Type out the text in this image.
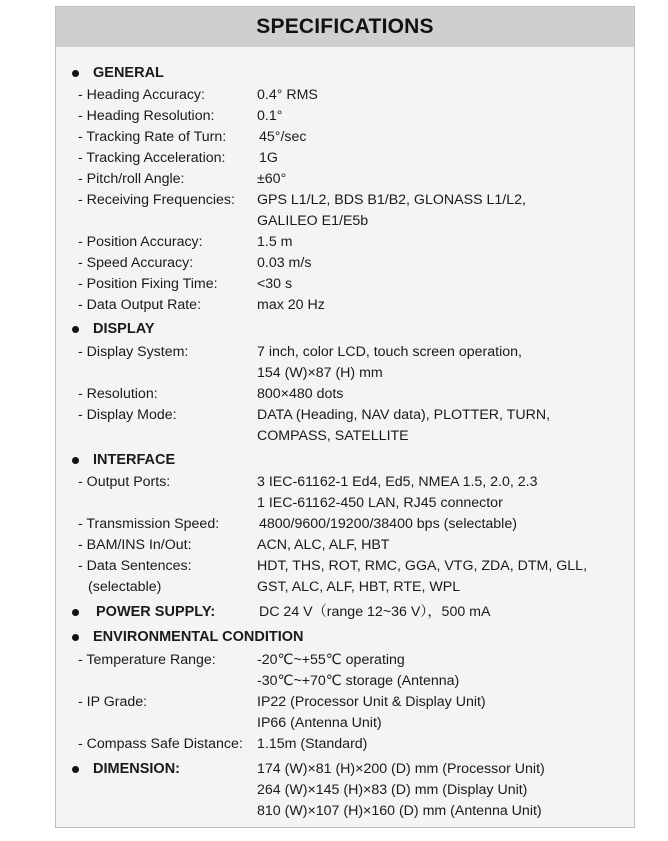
SPECIFICATIONS
GENERAL
- Heading Accuracy:	0.4° RMS
- Heading Resolution:	0.1°
- Tracking Rate of Turn: 45°/sec
- Tracking Acceleration: 1G
- Pitch/roll Angle:	±60°
- Receiving Frequencies: GPS L1/L2, BDS B1/B2, GLONASS L1/L2,
GALILEO E1/E5b
- Position Accuracy:	1.5 m
- Speed Accuracy:	0.03 m/s
- Position Fixing Time:	<30 s
- Data Output Rate:	max 20 Hz
DISPLAY
- Display System:	7 inch, color LCD, touch screen operation,
154 (W)×87 (H) mm
- Resolution:	800×480 dots
- Display Mode:	DATA (Heading, NAV data), PLOTTER, TURN,
COMPASS, SATELLITE
INTERFACE
- Output Ports:	3 IEC-61162-1 Ed4, Ed5, NMEA 1.5, 2.0, 2.3
1 IEC-61162-450 LAN, RJ45 connector
- Transmission Speed:	4800/9600/19200/38400 bps (selectable)
- BAM/INS In/Out:	ACN, ALC, ALF, HBT
- Data Sentences:	HDT, THS, ROT, RMC, GGA, VTG, ZDA, DTM, GLL,
(selectable)	GST, ALC, ALF, HBT, RTE, WPL
POWER SUPPLY:	DC 24 V（range 12~36 V），500 mA
ENVIRONMENTAL CONDITION
- Temperature Range:	-20℃~+55℃ operating
-30℃~+70℃ storage (Antenna)
- IP Grade:	IP22 (Processor Unit & Display Unit)
IP66 (Antenna Unit)
- Compass Safe Distance: 1.15m (Standard)
DIMENSION:	174 (W)×81 (H)×200 (D) mm (Processor Unit)
264 (W)×145 (H)×83 (D) mm (Display Unit)
810 (W)×107 (H)×160 (D) mm (Antenna Unit)
